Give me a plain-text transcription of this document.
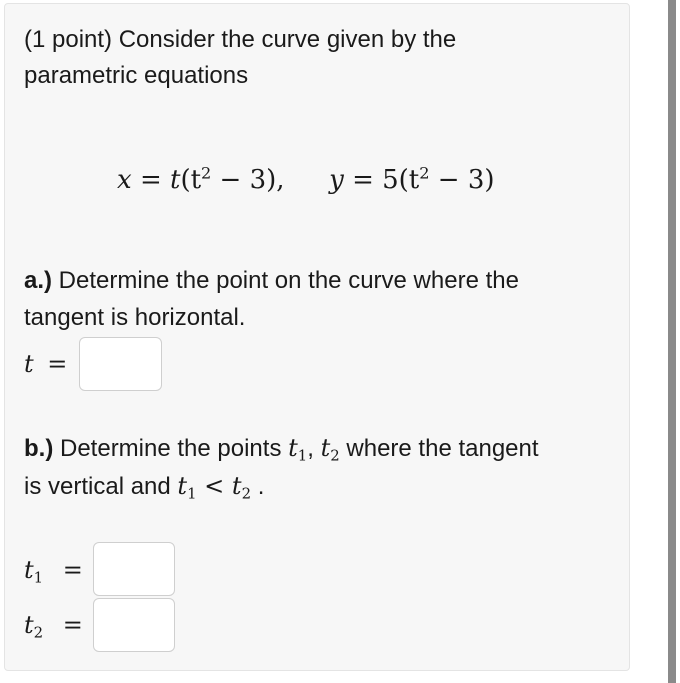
(1 point) Consider the curve given by the
parametric equations
$x = t(t^2 - 3)$, $y = 5(t^2 - 3)$
a.) Determine the point on the curve where the
tangent is horizontal.
t =
b.) Determine the points $t_1$, $t_2$ where the tangent
is vertical and $t_1 < t_2$ .
$t_1$ =
$t_2$ =
